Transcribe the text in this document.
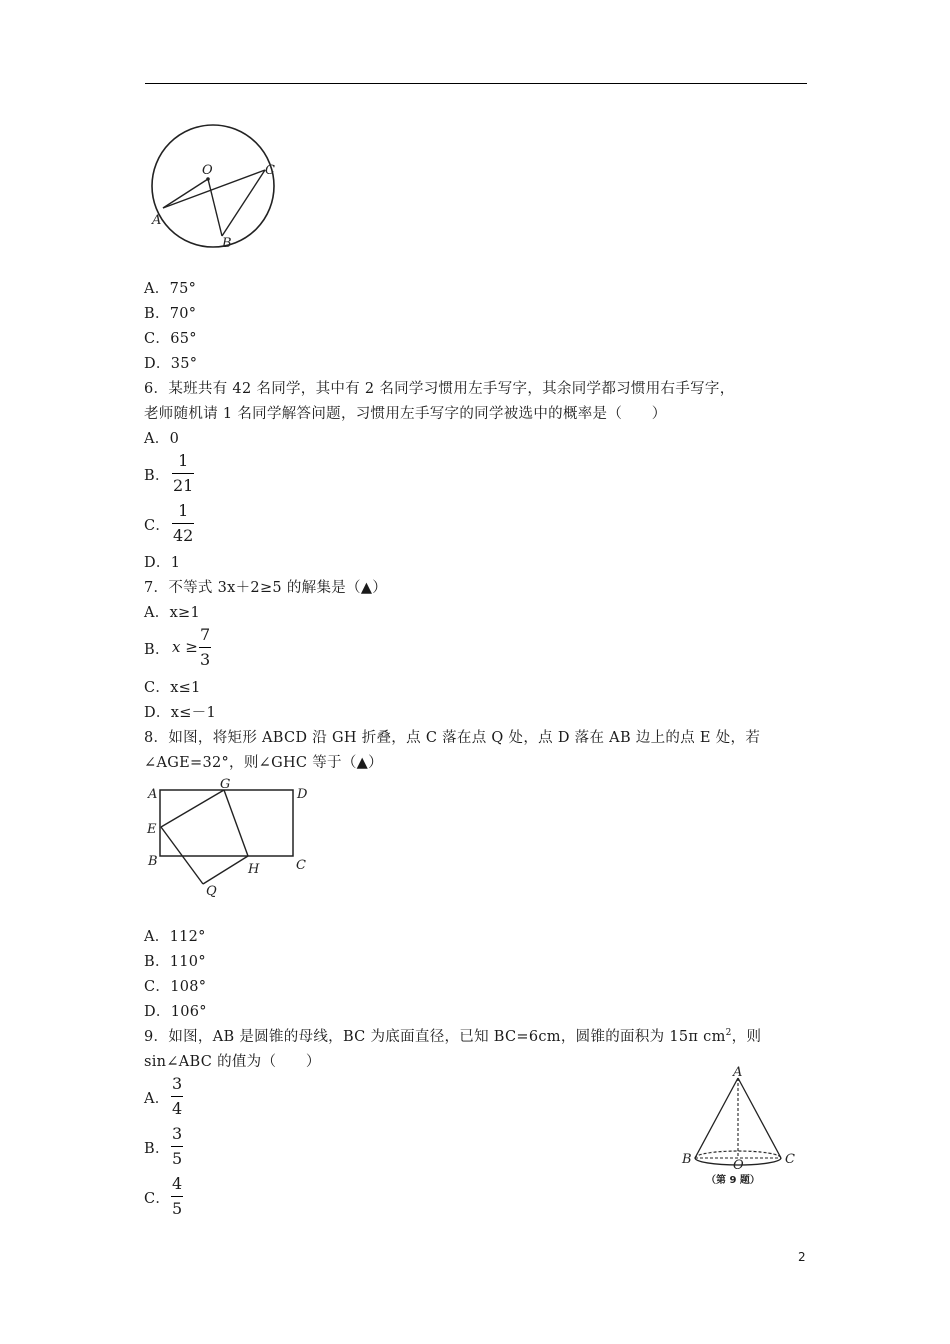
O	C
A
B
A．75°
B．70°
C．65°
D．35°
6．某班共有 42 名同学，其中有 2 名同学习惯用左手写字，其余同学都习惯用右手写字，
老师随机请 1 名同学解答问题，习惯用左手写字的同学被选中的概率是（　　）
A．0
B．
1
21
C．
1
42
D．1
7．不等式 3x＋2≥5 的解集是（▲）
A．x≥1
B． x ≥
7
3
C．x≤1
D．x≤－1
8．如图，将矩形 ABCD 沿 GH 折叠，点 C 落在点 Q 处，点 D 落在 AB 边上的点 E 处，若
∠AGE=32°，则∠GHC 等于（▲）
A
G
D
E
B
H	C
Q
A．112°
B．110°
C．108°
D．106°
9．如图，AB 是圆锥的母线，BC 为底面直径，已知 BC=6cm，圆锥的面积为 15π $cm^2$，则
sin∠ABC 的值为（　　）
A．
3
4
B．
3
5
C．
4
5
A
B	O	C
（第 9 题）
2
